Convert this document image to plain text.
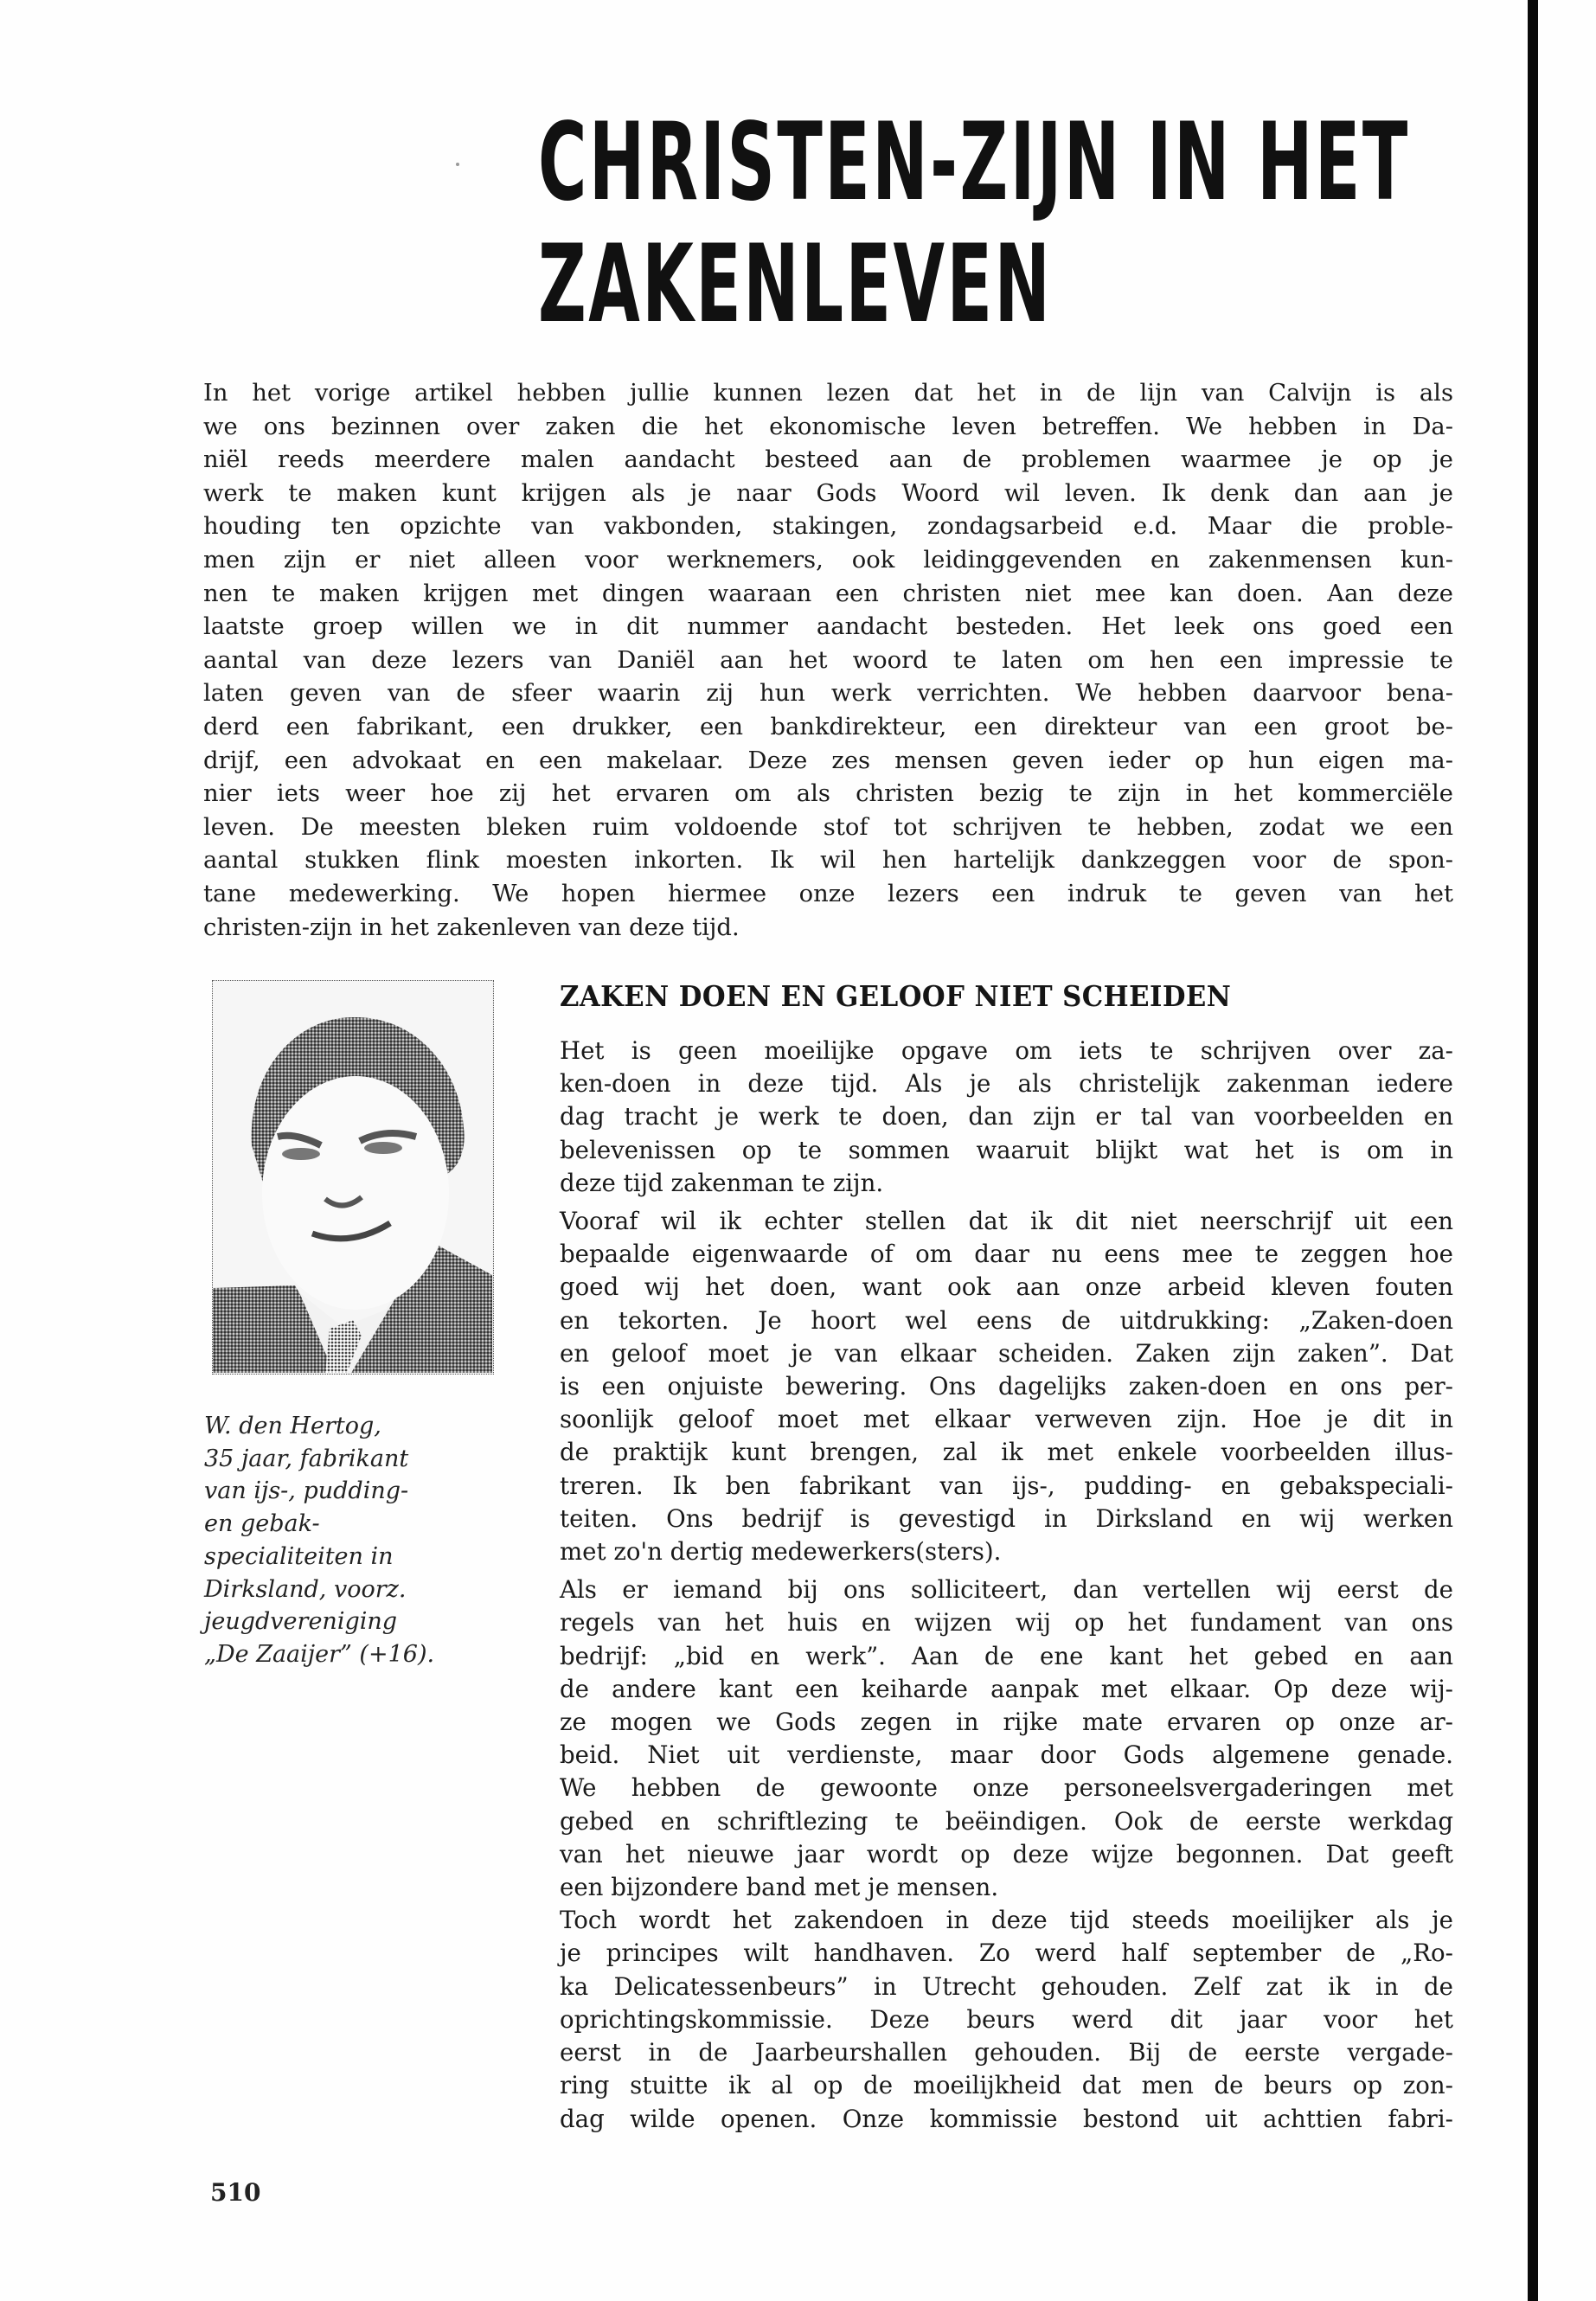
CHRISTEN-ZIJN IN HET
ZAKENLEVEN
In het vorige artikel hebben jullie kunnen lezen dat het in de lijn van Calvijn is als
we ons bezinnen over zaken die het ekonomische leven betreffen. We hebben in Da-
niël reeds meerdere malen aandacht besteed aan de problemen waarmee je op je
werk te maken kunt krijgen als je naar Gods Woord wil leven. Ik denk dan aan je
houding ten opzichte van vakbonden, stakingen, zondagsarbeid e.d. Maar die proble-
men zijn er niet alleen voor werknemers, ook leidinggevenden en zakenmensen kun-
nen te maken krijgen met dingen waaraan een christen niet mee kan doen. Aan deze
laatste groep willen we in dit nummer aandacht besteden. Het leek ons goed een
aantal van deze lezers van Daniël aan het woord te laten om hen een impressie te
laten geven van de sfeer waarin zij hun werk verrichten. We hebben daarvoor bena-
derd een fabrikant, een drukker, een bankdirekteur, een direkteur van een groot be-
drijf, een advokaat en een makelaar. Deze zes mensen geven ieder op hun eigen ma-
nier iets weer hoe zij het ervaren om als christen bezig te zijn in het kommerciële
leven. De meesten bleken ruim voldoende stof tot schrijven te hebben, zodat we een
aantal stukken flink moesten inkorten. Ik wil hen hartelijk dankzeggen voor de spon-
tane medewerking. We hopen hiermee onze lezers een indruk te geven van het
christen-zijn in het zakenleven van deze tijd.
W. den Hertog,
35 jaar, fabrikant
van ijs-, pudding-
en gebak-
specialiteiten in
Dirksland, voorz.
jeugdvereniging
„De Zaaijer” (+16).
ZAKEN DOEN EN GELOOF NIET SCHEIDEN
Het is geen moeilijke opgave om iets te schrijven over za-
ken-doen in deze tijd. Als je als christelijk zakenman iedere
dag tracht je werk te doen, dan zijn er tal van voorbeelden en
belevenissen op te sommen waaruit blijkt wat het is om in
deze tijd zakenman te zijn.
Vooraf wil ik echter stellen dat ik dit niet neerschrijf uit een
bepaalde eigenwaarde of om daar nu eens mee te zeggen hoe
goed wij het doen, want ook aan onze arbeid kleven fouten
en tekorten. Je hoort wel eens de uitdrukking: „Zaken-doen
en geloof moet je van elkaar scheiden. Zaken zijn zaken”. Dat
is een onjuiste bewering. Ons dagelijks zaken-doen en ons per-
soonlijk geloof moet met elkaar verweven zijn. Hoe je dit in
de praktijk kunt brengen, zal ik met enkele voorbeelden illus-
treren. Ik ben fabrikant van ijs-, pudding- en gebakspeciali-
teiten. Ons bedrijf is gevestigd in Dirksland en wij werken
met zo'n dertig medewerkers(sters).
Als er iemand bij ons solliciteert, dan vertellen wij eerst de
regels van het huis en wijzen wij op het fundament van ons
bedrijf: „bid en werk”. Aan de ene kant het gebed en aan
de andere kant een keiharde aanpak met elkaar. Op deze wij-
ze mogen we Gods zegen in rijke mate ervaren op onze ar-
beid. Niet uit verdienste, maar door Gods algemene genade.
We hebben de gewoonte onze personeelsvergaderingen met
gebed en schriftlezing te beëindigen. Ook de eerste werkdag
van het nieuwe jaar wordt op deze wijze begonnen. Dat geeft
een bijzondere band met je mensen.
Toch wordt het zakendoen in deze tijd steeds moeilijker als je
je principes wilt handhaven. Zo werd half september de „Ro-
ka Delicatessenbeurs” in Utrecht gehouden. Zelf zat ik in de
oprichtingskommissie. Deze beurs werd dit jaar voor het
eerst in de Jaarbeurshallen gehouden. Bij de eerste vergade-
ring stuitte ik al op de moeilijkheid dat men de beurs op zon-
dag wilde openen. Onze kommissie bestond uit achttien fabri-

510
